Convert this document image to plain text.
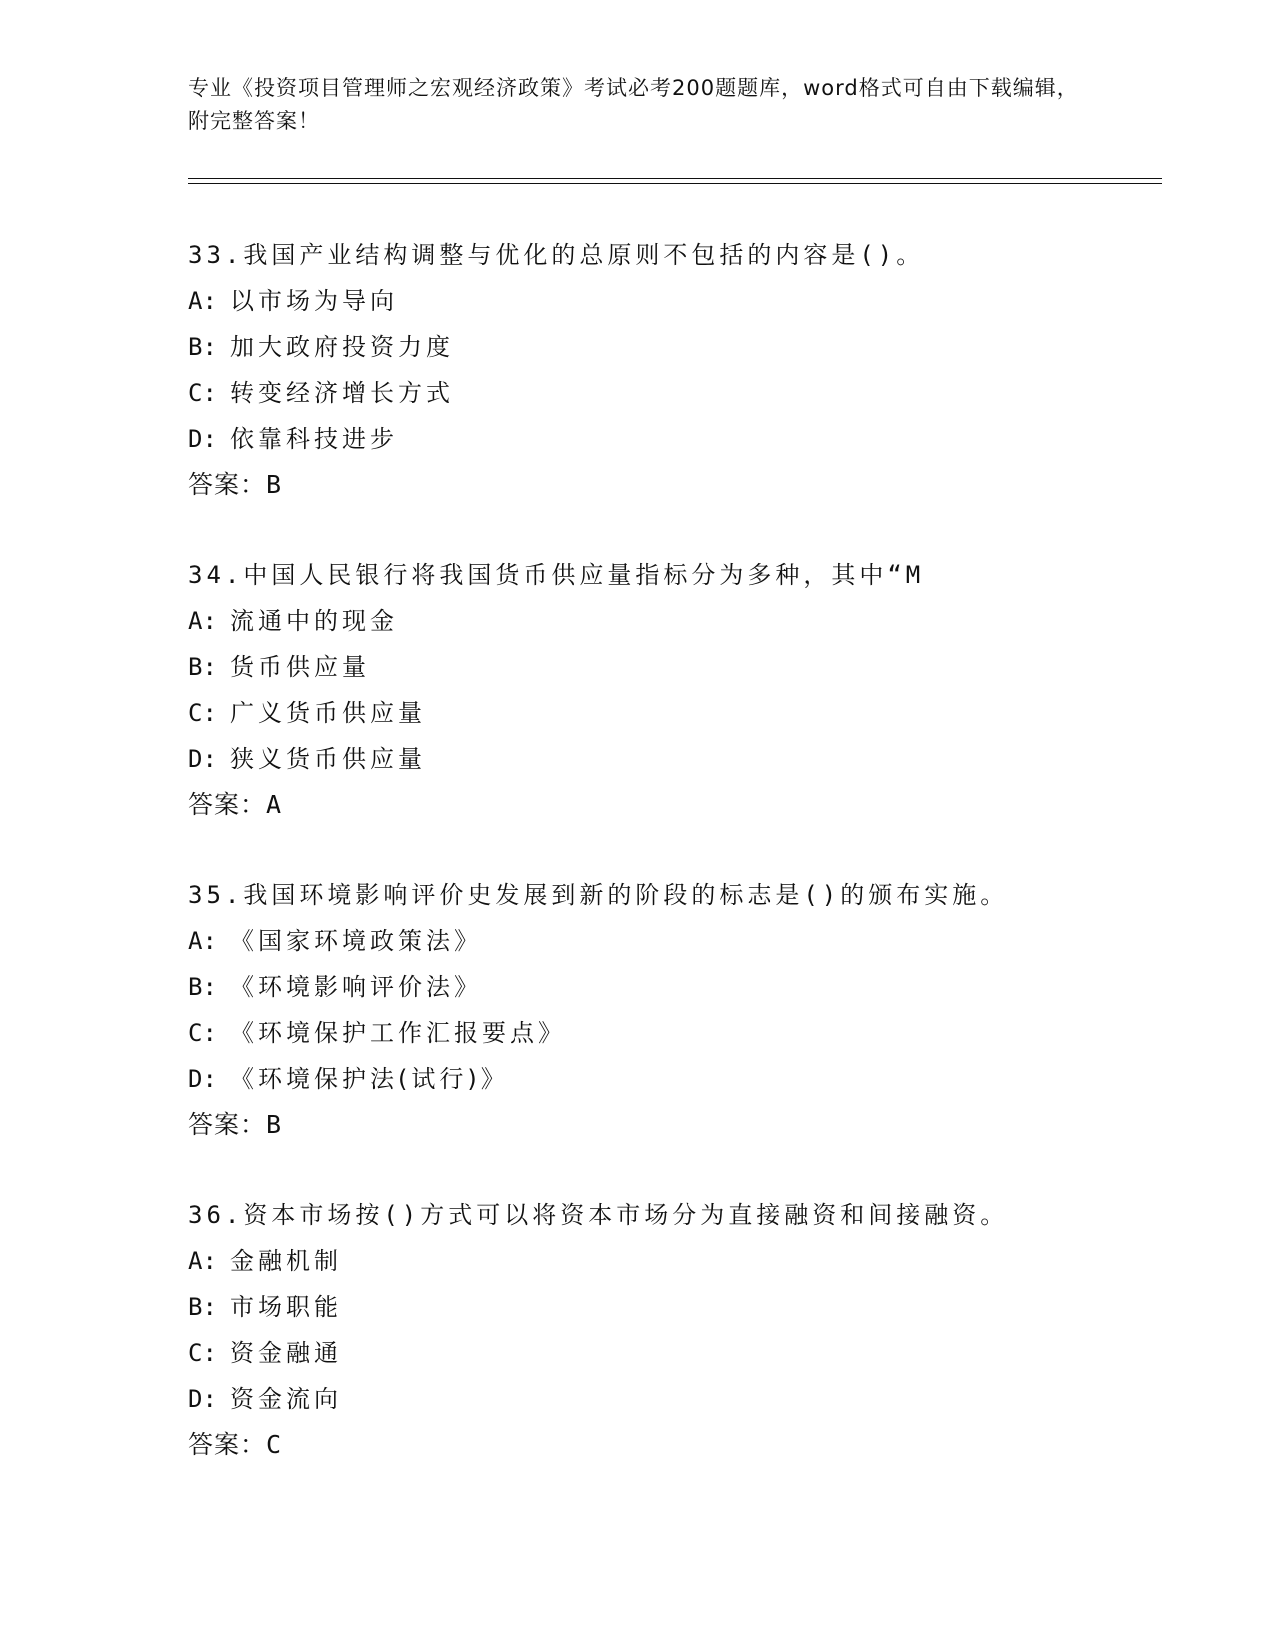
专业《投资项目管理师之宏观经济政策》考试必考200题题库，word格式可自由下载编辑，附完整答案！
33.我国产业结构调整与优化的总原则不包括的内容是()。
A: 以市场为导向
B: 加大政府投资力度
C: 转变经济增长方式
D: 依靠科技进步
答案：B
34.中国人民银行将我国货币供应量指标分为多种，其中“M
A: 流通中的现金
B: 货币供应量
C: 广义货币供应量
D: 狭义货币供应量
答案：A
35.我国环境影响评价史发展到新的阶段的标志是()的颁布实施。
A: 《国家环境政策法》
B: 《环境影响评价法》
C: 《环境保护工作汇报要点》
D: 《环境保护法(试行)》
答案：B
36.资本市场按()方式可以将资本市场分为直接融资和间接融资。
A: 金融机制
B: 市场职能
C: 资金融通
D: 资金流向
答案：C
